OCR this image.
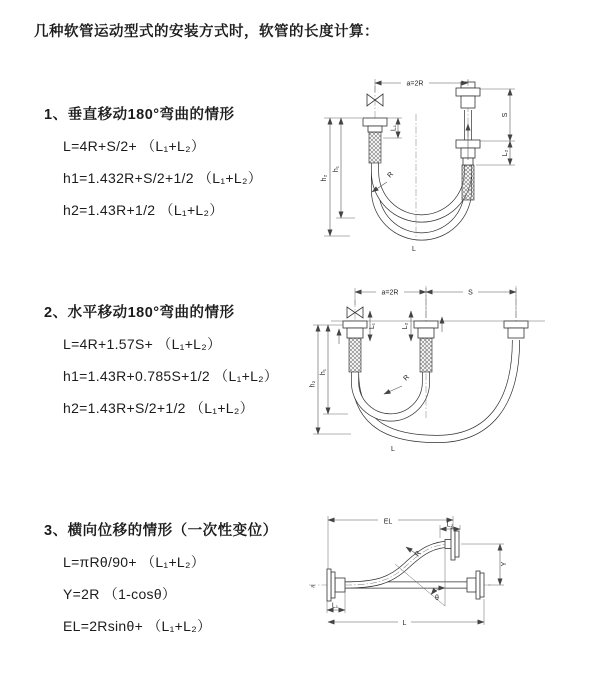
几种软管运动型式的安装方式时，软管的长度计算：
1、垂直移动180°弯曲的情形
L=4R+S/2+ （L₁+L₂）
h1=1.432R+S/2+1/2 （L₁+L₂）
h2=1.43R+1/2 （L₁+L₂）
2、水平移动180°弯曲的情形
L=4R+1.57S+ （L₁+L₂）
h1=1.43R+0.785S+1/2 （L₁+L₂）
h2=1.43R+S/2+1/2 （L₁+L₂）
3、横向位移的情形（一次性变位）
L=πRθ/90+ （L₁+L₂）
Y=2R （1-cosθ）
EL=2Rsinθ+ （L₁+L₂）
a=2R
h₂
h₁
L₁
S
L₂
R
L
a=2R	S
h₁
h₂
L₁	L₂
R
L
θ
EL	L₂
Y
L₁
L
R
≈
